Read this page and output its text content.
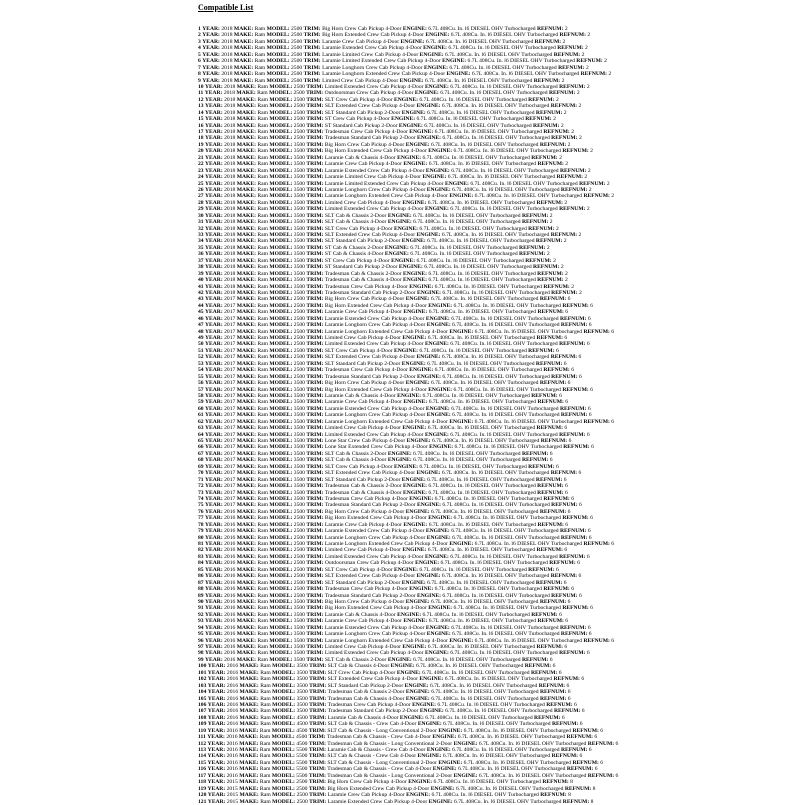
Compatible List
1 YEAR: 2018 MAKE: Ram MODEL: 2500 TRIM: Big Horn Crew Cab Pickup 4-Door ENGINE: 6.7L 408Cu. In. l6 DIESEL OHV Turbocharged REFNUM: 2
2 YEAR: 2018 MAKE: Ram MODEL: 2500 TRIM: Big Horn Extended Crew Cab Pickup 4-Door ENGINE: 6.7L 408Cu. In. l6 DIESEL OHV Turbocharged REFNUM: 2
3 YEAR: 2018 MAKE: Ram MODEL: 2500 TRIM: Laramie Crew Cab Pickup 4-Door ENGINE: 6.7L 408Cu. In. l6 DIESEL OHV Turbocharged REFNUM: 2
4 YEAR: 2018 MAKE: Ram MODEL: 2500 TRIM: Laramie Extended Crew Cab Pickup 4-Door ENGINE: 6.7L 408Cu. In. l6 DIESEL OHV Turbocharged REFNUM: 2
5 YEAR: 2018 MAKE: Ram MODEL: 2500 TRIM: Laramie Limited Crew Cab Pickup 4-Door ENGINE: 6.7L 408Cu. In. l6 DIESEL OHV Turbocharged REFNUM: 2
6 YEAR: 2018 MAKE: Ram MODEL: 2500 TRIM: Laramie Limited Extended Crew Cab Pickup 4-Door ENGINE: 6.7L 408Cu. In. l6 DIESEL OHV Turbocharged REFNUM: 2
7 YEAR: 2018 MAKE: Ram MODEL: 2500 TRIM: Laramie Longhorn Crew Cab Pickup 4-Door ENGINE: 6.7L 408Cu. In. l6 DIESEL OHV Turbocharged REFNUM: 2
8 YEAR: 2018 MAKE: Ram MODEL: 2500 TRIM: Laramie Longhorn Extended Crew Cab Pickup 4-Door ENGINE: 6.7L 408Cu. In. l6 DIESEL OHV Turbocharged REFNUM: 2
9 YEAR: 2018 MAKE: Ram MODEL: 2500 TRIM: Limited Crew Cab Pickup 4-Door ENGINE: 6.7L 408Cu. In. l6 DIESEL OHV Turbocharged REFNUM: 2
10 YEAR: 2018 MAKE: Ram MODEL: 2500 TRIM: Limited Extended Crew Cab Pickup 4-Door ENGINE: 6.7L 408Cu. In. l6 DIESEL OHV Turbocharged REFNUM: 2
11 YEAR: 2018 MAKE: Ram MODEL: 2500 TRIM: Outdoorsman Crew Cab Pickup 4-Door ENGINE: 6.7L 408Cu. In. l6 DIESEL OHV Turbocharged REFNUM: 2
12 YEAR: 2018 MAKE: Ram MODEL: 2500 TRIM: SLT Crew Cab Pickup 4-Door ENGINE: 6.7L 408Cu. In. l6 DIESEL OHV Turbocharged REFNUM: 2
13 YEAR: 2018 MAKE: Ram MODEL: 2500 TRIM: SLT Extended Crew Cab Pickup 4-Door ENGINE: 6.7L 408Cu. In. l6 DIESEL OHV Turbocharged REFNUM: 2
14 YEAR: 2018 MAKE: Ram MODEL: 2500 TRIM: SLT Standard Cab Pickup 2-Door ENGINE: 6.7L 408Cu. In. l6 DIESEL OHV Turbocharged REFNUM: 2
15 YEAR: 2018 MAKE: Ram MODEL: 2500 TRIM: ST Crew Cab Pickup 4-Door ENGINE: 6.7L 408Cu. In. l6 DIESEL OHV Turbocharged REFNUM: 2
16 YEAR: 2018 MAKE: Ram MODEL: 2500 TRIM: ST Standard Cab Pickup 2-Door ENGINE: 6.7L 408Cu. In. l6 DIESEL OHV Turbocharged REFNUM: 2
17 YEAR: 2018 MAKE: Ram MODEL: 2500 TRIM: Tradesman Crew Cab Pickup 4-Door ENGINE: 6.7L 408Cu. In. l6 DIESEL OHV Turbocharged REFNUM: 2
18 YEAR: 2018 MAKE: Ram MODEL: 2500 TRIM: Tradesman Standard Cab Pickup 2-Door ENGINE: 6.7L 408Cu. In. l6 DIESEL OHV Turbocharged REFNUM: 2
19 YEAR: 2018 MAKE: Ram MODEL: 3500 TRIM: Big Horn Crew Cab Pickup 4-Door ENGINE: 6.7L 408Cu. In. l6 DIESEL OHV Turbocharged REFNUM: 2
20 YEAR: 2018 MAKE: Ram MODEL: 3500 TRIM: Big Horn Extended Crew Cab Pickup 4-Door ENGINE: 6.7L 408Cu. In. l6 DIESEL OHV Turbocharged REFNUM: 2
21 YEAR: 2018 MAKE: Ram MODEL: 3500 TRIM: Laramie Cab & Chassis 4-Door ENGINE: 6.7L 408Cu. In. l6 DIESEL OHV Turbocharged REFNUM: 2
22 YEAR: 2018 MAKE: Ram MODEL: 3500 TRIM: Laramie Crew Cab Pickup 4-Door ENGINE: 6.7L 408Cu. In. l6 DIESEL OHV Turbocharged REFNUM: 2
23 YEAR: 2018 MAKE: Ram MODEL: 3500 TRIM: Laramie Extended Crew Cab Pickup 4-Door ENGINE: 6.7L 408Cu. In. l6 DIESEL OHV Turbocharged REFNUM: 2
24 YEAR: 2018 MAKE: Ram MODEL: 3500 TRIM: Laramie Limited Crew Cab Pickup 4-Door ENGINE: 6.7L 408Cu. In. l6 DIESEL OHV Turbocharged REFNUM: 2
25 YEAR: 2018 MAKE: Ram MODEL: 3500 TRIM: Laramie Limited Extended Crew Cab Pickup 4-Door ENGINE: 6.7L 408Cu. In. l6 DIESEL OHV Turbocharged REFNUM: 2
26 YEAR: 2018 MAKE: Ram MODEL: 3500 TRIM: Laramie Longhorn Crew Cab Pickup 4-Door ENGINE: 6.7L 408Cu. In. l6 DIESEL OHV Turbocharged REFNUM: 2
27 YEAR: 2018 MAKE: Ram MODEL: 3500 TRIM: Laramie Longhorn Extended Crew Cab Pickup 4-Door ENGINE: 6.7L 408Cu. In. l6 DIESEL OHV Turbocharged REFNUM: 2
28 YEAR: 2018 MAKE: Ram MODEL: 3500 TRIM: Limited Crew Cab Pickup 4-Door ENGINE: 6.7L 408Cu. In. l6 DIESEL OHV Turbocharged REFNUM: 2
29 YEAR: 2018 MAKE: Ram MODEL: 3500 TRIM: Limited Extended Crew Cab Pickup 4-Door ENGINE: 6.7L 408Cu. In. l6 DIESEL OHV Turbocharged REFNUM: 2
30 YEAR: 2018 MAKE: Ram MODEL: 3500 TRIM: SLT Cab & Chassis 2-Door ENGINE: 6.7L 408Cu. In. l6 DIESEL OHV Turbocharged REFNUM: 2
31 YEAR: 2018 MAKE: Ram MODEL: 3500 TRIM: SLT Cab & Chassis 4-Door ENGINE: 6.7L 408Cu. In. l6 DIESEL OHV Turbocharged REFNUM: 2
32 YEAR: 2018 MAKE: Ram MODEL: 3500 TRIM: SLT Crew Cab Pickup 4-Door ENGINE: 6.7L 408Cu. In. l6 DIESEL OHV Turbocharged REFNUM: 2
33 YEAR: 2018 MAKE: Ram MODEL: 3500 TRIM: SLT Extended Crew Cab Pickup 4-Door ENGINE: 6.7L 408Cu. In. l6 DIESEL OHV Turbocharged REFNUM: 2
34 YEAR: 2018 MAKE: Ram MODEL: 3500 TRIM: SLT Standard Cab Pickup 2-Door ENGINE: 6.7L 408Cu. In. l6 DIESEL OHV Turbocharged REFNUM: 2
35 YEAR: 2018 MAKE: Ram MODEL: 3500 TRIM: ST Cab & Chassis 2-Door ENGINE: 6.7L 408Cu. In. l6 DIESEL OHV Turbocharged REFNUM: 2
36 YEAR: 2018 MAKE: Ram MODEL: 3500 TRIM: ST Cab & Chassis 4-Door ENGINE: 6.7L 408Cu. In. l6 DIESEL OHV Turbocharged REFNUM: 2
37 YEAR: 2018 MAKE: Ram MODEL: 3500 TRIM: ST Crew Cab Pickup 4-Door ENGINE: 6.7L 408Cu. In. l6 DIESEL OHV Turbocharged REFNUM: 2
38 YEAR: 2018 MAKE: Ram MODEL: 3500 TRIM: ST Standard Cab Pickup 2-Door ENGINE: 6.7L 408Cu. In. l6 DIESEL OHV Turbocharged REFNUM: 2
39 YEAR: 2018 MAKE: Ram MODEL: 3500 TRIM: Tradesman Cab & Chassis 2-Door ENGINE: 6.7L 408Cu. In. l6 DIESEL OHV Turbocharged REFNUM: 2
40 YEAR: 2018 MAKE: Ram MODEL: 3500 TRIM: Tradesman Cab & Chassis 4-Door ENGINE: 6.7L 408Cu. In. l6 DIESEL OHV Turbocharged REFNUM: 2
41 YEAR: 2018 MAKE: Ram MODEL: 3500 TRIM: Tradesman Crew Cab Pickup 4-Door ENGINE: 6.7L 408Cu. In. l6 DIESEL OHV Turbocharged REFNUM: 2
42 YEAR: 2018 MAKE: Ram MODEL: 3500 TRIM: Tradesman Standard Cab Pickup 2-Door ENGINE: 6.7L 408Cu. In. l6 DIESEL OHV Turbocharged REFNUM: 2
43 YEAR: 2017 MAKE: Ram MODEL: 2500 TRIM: Big Horn Crew Cab Pickup 4-Door ENGINE: 6.7L 408Cu. In. l6 DIESEL OHV Turbocharged REFNUM: 6
44 YEAR: 2017 MAKE: Ram MODEL: 2500 TRIM: Big Horn Extended Crew Cab Pickup 4-Door ENGINE: 6.7L 408Cu. In. l6 DIESEL OHV Turbocharged REFNUM: 6
45 YEAR: 2017 MAKE: Ram MODEL: 2500 TRIM: Laramie Crew Cab Pickup 4-Door ENGINE: 6.7L 408Cu. In. l6 DIESEL OHV Turbocharged REFNUM: 6
46 YEAR: 2017 MAKE: Ram MODEL: 2500 TRIM: Laramie Extended Crew Cab Pickup 4-Door ENGINE: 6.7L 408Cu. In. l6 DIESEL OHV Turbocharged REFNUM: 6
47 YEAR: 2017 MAKE: Ram MODEL: 2500 TRIM: Laramie Longhorn Crew Cab Pickup 4-Door ENGINE: 6.7L 408Cu. In. l6 DIESEL OHV Turbocharged REFNUM: 6
48 YEAR: 2017 MAKE: Ram MODEL: 2500 TRIM: Laramie Longhorn Extended Crew Cab Pickup 4-Door ENGINE: 6.7L 408Cu. In. l6 DIESEL OHV Turbocharged REFNUM: 6
49 YEAR: 2017 MAKE: Ram MODEL: 2500 TRIM: Limited Crew Cab Pickup 4-Door ENGINE: 6.7L 408Cu. In. l6 DIESEL OHV Turbocharged REFNUM: 6
50 YEAR: 2017 MAKE: Ram MODEL: 2500 TRIM: Limited Extended Crew Cab Pickup 4-Door ENGINE: 6.7L 408Cu. In. l6 DIESEL OHV Turbocharged REFNUM: 6
51 YEAR: 2017 MAKE: Ram MODEL: 2500 TRIM: SLT Crew Cab Pickup 4-Door ENGINE: 6.7L 408Cu. In. l6 DIESEL OHV Turbocharged REFNUM: 6
52 YEAR: 2017 MAKE: Ram MODEL: 2500 TRIM: SLT Extended Crew Cab Pickup 4-Door ENGINE: 6.7L 408Cu. In. l6 DIESEL OHV Turbocharged REFNUM: 6
53 YEAR: 2017 MAKE: Ram MODEL: 2500 TRIM: SLT Standard Cab Pickup 2-Door ENGINE: 6.7L 408Cu. In. l6 DIESEL OHV Turbocharged REFNUM: 6
54 YEAR: 2017 MAKE: Ram MODEL: 2500 TRIM: Tradesman Crew Cab Pickup 4-Door ENGINE: 6.7L 408Cu. In. l6 DIESEL OHV Turbocharged REFNUM: 6
55 YEAR: 2017 MAKE: Ram MODEL: 2500 TRIM: Tradesman Standard Cab Pickup 2-Door ENGINE: 6.7L 408Cu. In. l6 DIESEL OHV Turbocharged REFNUM: 6
56 YEAR: 2017 MAKE: Ram MODEL: 3500 TRIM: Big Horn Crew Cab Pickup 4-Door ENGINE: 6.7L 408Cu. In. l6 DIESEL OHV Turbocharged REFNUM: 6
57 YEAR: 2017 MAKE: Ram MODEL: 3500 TRIM: Big Horn Extended Crew Cab Pickup 4-Door ENGINE: 6.7L 408Cu. In. l6 DIESEL OHV Turbocharged REFNUM: 6
58 YEAR: 2017 MAKE: Ram MODEL: 3500 TRIM: Laramie Cab & Chassis 4-Door ENGINE: 6.7L 408Cu. In. l6 DIESEL OHV Turbocharged REFNUM: 6
59 YEAR: 2017 MAKE: Ram MODEL: 3500 TRIM: Laramie Crew Cab Pickup 4-Door ENGINE: 6.7L 408Cu. In. l6 DIESEL OHV Turbocharged REFNUM: 6
60 YEAR: 2017 MAKE: Ram MODEL: 3500 TRIM: Laramie Extended Crew Cab Pickup 4-Door ENGINE: 6.7L 408Cu. In. l6 DIESEL OHV Turbocharged REFNUM: 6
61 YEAR: 2017 MAKE: Ram MODEL: 3500 TRIM: Laramie Longhorn Crew Cab Pickup 4-Door ENGINE: 6.7L 408Cu. In. l6 DIESEL OHV Turbocharged REFNUM: 6
62 YEAR: 2017 MAKE: Ram MODEL: 3500 TRIM: Laramie Longhorn Extended Crew Cab Pickup 4-Door ENGINE: 6.7L 408Cu. In. l6 DIESEL OHV Turbocharged REFNUM: 6
63 YEAR: 2017 MAKE: Ram MODEL: 3500 TRIM: Limited Crew Cab Pickup 4-Door ENGINE: 6.7L 408Cu. In. l6 DIESEL OHV Turbocharged REFNUM: 6
64 YEAR: 2017 MAKE: Ram MODEL: 3500 TRIM: Limited Extended Crew Cab Pickup 4-Door ENGINE: 6.7L 408Cu. In. l6 DIESEL OHV Turbocharged REFNUM: 6
65 YEAR: 2017 MAKE: Ram MODEL: 3500 TRIM: Lone Star Crew Cab Pickup 4-Door ENGINE: 6.7L 408Cu. In. l6 DIESEL OHV Turbocharged REFNUM: 6
66 YEAR: 2017 MAKE: Ram MODEL: 3500 TRIM: Lone Star Extended Crew Cab Pickup 4-Door ENGINE: 6.7L 408Cu. In. l6 DIESEL OHV Turbocharged REFNUM: 6
67 YEAR: 2017 MAKE: Ram MODEL: 3500 TRIM: SLT Cab & Chassis 2-Door ENGINE: 6.7L 408Cu. In. l6 DIESEL OHV Turbocharged REFNUM: 6
68 YEAR: 2017 MAKE: Ram MODEL: 3500 TRIM: SLT Cab & Chassis 4-Door ENGINE: 6.7L 408Cu. In. l6 DIESEL OHV Turbocharged REFNUM: 6
69 YEAR: 2017 MAKE: Ram MODEL: 3500 TRIM: SLT Crew Cab Pickup 4-Door ENGINE: 6.7L 408Cu. In. l6 DIESEL OHV Turbocharged REFNUM: 6
70 YEAR: 2017 MAKE: Ram MODEL: 3500 TRIM: SLT Extended Crew Cab Pickup 4-Door ENGINE: 6.7L 408Cu. In. l6 DIESEL OHV Turbocharged REFNUM: 6
71 YEAR: 2017 MAKE: Ram MODEL: 3500 TRIM: SLT Standard Cab Pickup 2-Door ENGINE: 6.7L 408Cu. In. l6 DIESEL OHV Turbocharged REFNUM: 6
72 YEAR: 2017 MAKE: Ram MODEL: 3500 TRIM: Tradesman Cab & Chassis 2-Door ENGINE: 6.7L 408Cu. In. l6 DIESEL OHV Turbocharged REFNUM: 6
73 YEAR: 2017 MAKE: Ram MODEL: 3500 TRIM: Tradesman Cab & Chassis 4-Door ENGINE: 6.7L 408Cu. In. l6 DIESEL OHV Turbocharged REFNUM: 6
74 YEAR: 2017 MAKE: Ram MODEL: 3500 TRIM: Tradesman Crew Cab Pickup 4-Door ENGINE: 6.7L 408Cu. In. l6 DIESEL OHV Turbocharged REFNUM: 6
75 YEAR: 2017 MAKE: Ram MODEL: 3500 TRIM: Tradesman Standard Cab Pickup 2-Door ENGINE: 6.7L 408Cu. In. l6 DIESEL OHV Turbocharged REFNUM: 6
76 YEAR: 2016 MAKE: Ram MODEL: 2500 TRIM: Big Horn Crew Cab Pickup 4-Door ENGINE: 6.7L 408Cu. In. l6 DIESEL OHV Turbocharged REFNUM: 6
77 YEAR: 2016 MAKE: Ram MODEL: 2500 TRIM: Big Horn Extended Crew Cab Pickup 4-Door ENGINE: 6.7L 408Cu. In. l6 DIESEL OHV Turbocharged REFNUM: 6
78 YEAR: 2016 MAKE: Ram MODEL: 2500 TRIM: Laramie Crew Cab Pickup 4-Door ENGINE: 6.7L 408Cu. In. l6 DIESEL OHV Turbocharged REFNUM: 6
79 YEAR: 2016 MAKE: Ram MODEL: 2500 TRIM: Laramie Extended Crew Cab Pickup 4-Door ENGINE: 6.7L 408Cu. In. l6 DIESEL OHV Turbocharged REFNUM: 6
80 YEAR: 2016 MAKE: Ram MODEL: 2500 TRIM: Laramie Longhorn Crew Cab Pickup 4-Door ENGINE: 6.7L 408Cu. In. l6 DIESEL OHV Turbocharged REFNUM: 6
81 YEAR: 2016 MAKE: Ram MODEL: 2500 TRIM: Laramie Longhorn Extended Crew Cab Pickup 4-Door ENGINE: 6.7L 408Cu. In. l6 DIESEL OHV Turbocharged REFNUM: 6
82 YEAR: 2016 MAKE: Ram MODEL: 2500 TRIM: Limited Crew Cab Pickup 4-Door ENGINE: 6.7L 408Cu. In. l6 DIESEL OHV Turbocharged REFNUM: 6
83 YEAR: 2016 MAKE: Ram MODEL: 2500 TRIM: Limited Extended Crew Cab Pickup 4-Door ENGINE: 6.7L 408Cu. In. l6 DIESEL OHV Turbocharged REFNUM: 6
84 YEAR: 2016 MAKE: Ram MODEL: 2500 TRIM: Outdoorsman Crew Cab Pickup 4-Door ENGINE: 6.7L 408Cu. In. l6 DIESEL OHV Turbocharged REFNUM: 6
85 YEAR: 2016 MAKE: Ram MODEL: 2500 TRIM: SLT Crew Cab Pickup 4-Door ENGINE: 6.7L 408Cu. In. l6 DIESEL OHV Turbocharged REFNUM: 6
86 YEAR: 2016 MAKE: Ram MODEL: 2500 TRIM: SLT Extended Crew Cab Pickup 4-Door ENGINE: 6.7L 408Cu. In. l6 DIESEL OHV Turbocharged REFNUM: 6
87 YEAR: 2016 MAKE: Ram MODEL: 2500 TRIM: SLT Standard Cab Pickup 2-Door ENGINE: 6.7L 408Cu. In. l6 DIESEL OHV Turbocharged REFNUM: 6
88 YEAR: 2016 MAKE: Ram MODEL: 2500 TRIM: Tradesman Crew Cab Pickup 4-Door ENGINE: 6.7L 408Cu. In. l6 DIESEL OHV Turbocharged REFNUM: 6
89 YEAR: 2016 MAKE: Ram MODEL: 2500 TRIM: Tradesman Standard Cab Pickup 2-Door ENGINE: 6.7L 408Cu. In. l6 DIESEL OHV Turbocharged REFNUM: 6
90 YEAR: 2016 MAKE: Ram MODEL: 3500 TRIM: Big Horn Crew Cab Pickup 4-Door ENGINE: 6.7L 408Cu. In. l6 DIESEL OHV Turbocharged REFNUM: 6
91 YEAR: 2016 MAKE: Ram MODEL: 3500 TRIM: Big Horn Extended Crew Cab Pickup 4-Door ENGINE: 6.7L 408Cu. In. l6 DIESEL OHV Turbocharged REFNUM: 6
92 YEAR: 2016 MAKE: Ram MODEL: 3500 TRIM: Laramie Cab & Chassis 4-Door ENGINE: 6.7L 408Cu. In. l6 DIESEL OHV Turbocharged REFNUM: 6
93 YEAR: 2016 MAKE: Ram MODEL: 3500 TRIM: Laramie Crew Cab Pickup 4-Door ENGINE: 6.7L 408Cu. In. l6 DIESEL OHV Turbocharged REFNUM: 6
94 YEAR: 2016 MAKE: Ram MODEL: 3500 TRIM: Laramie Extended Crew Cab Pickup 4-Door ENGINE: 6.7L 408Cu. In. l6 DIESEL OHV Turbocharged REFNUM: 6
95 YEAR: 2016 MAKE: Ram MODEL: 3500 TRIM: Laramie Longhorn Crew Cab Pickup 4-Door ENGINE: 6.7L 408Cu. In. l6 DIESEL OHV Turbocharged REFNUM: 6
96 YEAR: 2016 MAKE: Ram MODEL: 3500 TRIM: Laramie Longhorn Extended Crew Cab Pickup 4-Door ENGINE: 6.7L 408Cu. In. l6 DIESEL OHV Turbocharged REFNUM: 6
97 YEAR: 2016 MAKE: Ram MODEL: 3500 TRIM: Limited Crew Cab Pickup 4-Door ENGINE: 6.7L 408Cu. In. l6 DIESEL OHV Turbocharged REFNUM: 6
98 YEAR: 2016 MAKE: Ram MODEL: 3500 TRIM: Limited Extended Crew Cab Pickup 4-Door ENGINE: 6.7L 408Cu. In. l6 DIESEL OHV Turbocharged REFNUM: 6
99 YEAR: 2016 MAKE: Ram MODEL: 3500 TRIM: SLT Cab & Chassis 2-Door ENGINE: 6.7L 408Cu. In. l6 DIESEL OHV Turbocharged REFNUM: 6
100 YEAR: 2016 MAKE: Ram MODEL: 3500 TRIM: SLT Cab & Chassis 4-Door ENGINE: 6.7L 408Cu. In. l6 DIESEL OHV Turbocharged REFNUM: 6
101 YEAR: 2016 MAKE: Ram MODEL: 3500 TRIM: SLT Crew Cab Pickup 4-Door ENGINE: 6.7L 408Cu. In. l6 DIESEL OHV Turbocharged REFNUM: 6
102 YEAR: 2016 MAKE: Ram MODEL: 3500 TRIM: SLT Extended Crew Cab Pickup 4-Door ENGINE: 6.7L 408Cu. In. l6 DIESEL OHV Turbocharged REFNUM: 6
103 YEAR: 2016 MAKE: Ram MODEL: 3500 TRIM: SLT Standard Cab Pickup 2-Door ENGINE: 6.7L 408Cu. In. l6 DIESEL OHV Turbocharged REFNUM: 6
104 YEAR: 2016 MAKE: Ram MODEL: 3500 TRIM: Tradesman Cab & Chassis 2-Door ENGINE: 6.7L 408Cu. In. l6 DIESEL OHV Turbocharged REFNUM: 6
105 YEAR: 2016 MAKE: Ram MODEL: 3500 TRIM: Tradesman Cab & Chassis 4-Door ENGINE: 6.7L 408Cu. In. l6 DIESEL OHV Turbocharged REFNUM: 6
106 YEAR: 2016 MAKE: Ram MODEL: 3500 TRIM: Tradesman Crew Cab Pickup 4-Door ENGINE: 6.7L 408Cu. In. l6 DIESEL OHV Turbocharged REFNUM: 6
107 YEAR: 2016 MAKE: Ram MODEL: 3500 TRIM: Tradesman Standard Cab Pickup 2-Door ENGINE: 6.7L 408Cu. In. l6 DIESEL OHV Turbocharged REFNUM: 6
108 YEAR: 2016 MAKE: Ram MODEL: 4500 TRIM: Laramie Cab & Chassis 4-Door ENGINE: 6.7L 408Cu. In. l6 DIESEL OHV Turbocharged REFNUM: 6
109 YEAR: 2016 MAKE: Ram MODEL: 4500 TRIM: SLT Cab & Chassis - Crew Cab 4-Door ENGINE: 6.7L 408Cu. In. l6 DIESEL OHV Turbocharged REFNUM: 6
110 YEAR: 2016 MAKE: Ram MODEL: 4500 TRIM: SLT Cab & Chassis - Long Conventional 2-Door ENGINE: 6.7L 408Cu. In. l6 DIESEL OHV Turbocharged REFNUM: 6
111 YEAR: 2016 MAKE: Ram MODEL: 4500 TRIM: Tradesman Cab & Chassis - Crew Cab 4-Door ENGINE: 6.7L 408Cu. In. l6 DIESEL OHV Turbocharged REFNUM: 6
112 YEAR: 2016 MAKE: Ram MODEL: 4500 TRIM: Tradesman Cab & Chassis - Long Conventional 2-Door ENGINE: 6.7L 408Cu. In. l6 DIESEL OHV Turbocharged REFNUM: 6
113 YEAR: 2016 MAKE: Ram MODEL: 5500 TRIM: Laramie Cab & Chassis - Crew Cab 4-Door ENGINE: 6.7L 408Cu. In. l6 DIESEL OHV Turbocharged REFNUM: 6
114 YEAR: 2016 MAKE: Ram MODEL: 5500 TRIM: SLT Cab & Chassis - Crew Cab 4-Door ENGINE: 6.7L 408Cu. In. l6 DIESEL OHV Turbocharged REFNUM: 6
115 YEAR: 2016 MAKE: Ram MODEL: 5500 TRIM: SLT Cab & Chassis - Long Conventional 2-Door ENGINE: 6.7L 408Cu. In. l6 DIESEL OHV Turbocharged REFNUM: 6
116 YEAR: 2016 MAKE: Ram MODEL: 5500 TRIM: Tradesman Cab & Chassis - Crew Cab 4-Door ENGINE: 6.7L 408Cu. In. l6 DIESEL OHV Turbocharged REFNUM: 6
117 YEAR: 2016 MAKE: Ram MODEL: 5500 TRIM: Tradesman Cab & Chassis - Long Conventional 2-Door ENGINE: 6.7L 408Cu. In. l6 DIESEL OHV Turbocharged REFNUM: 6
118 YEAR: 2015 MAKE: Ram MODEL: 2500 TRIM: Big Horn Crew Cab Pickup 4-Door ENGINE: 6.7L 408Cu. In. l6 DIESEL OHV Turbocharged REFNUM: 8
119 YEAR: 2015 MAKE: Ram MODEL: 2500 TRIM: Big Horn Extended Crew Cab Pickup 4-Door ENGINE: 6.7L 408Cu. In. l6 DIESEL OHV Turbocharged REFNUM: 8
120 YEAR: 2015 MAKE: Ram MODEL: 2500 TRIM: Laramie Crew Cab Pickup 4-Door ENGINE: 6.7L 408Cu. In. l6 DIESEL OHV Turbocharged REFNUM: 8
121 YEAR: 2015 MAKE: Ram MODEL: 2500 TRIM: Laramie Extended Crew Cab Pickup 4-Door ENGINE: 6.7L 408Cu. In. l6 DIESEL OHV Turbocharged REFNUM: 8
